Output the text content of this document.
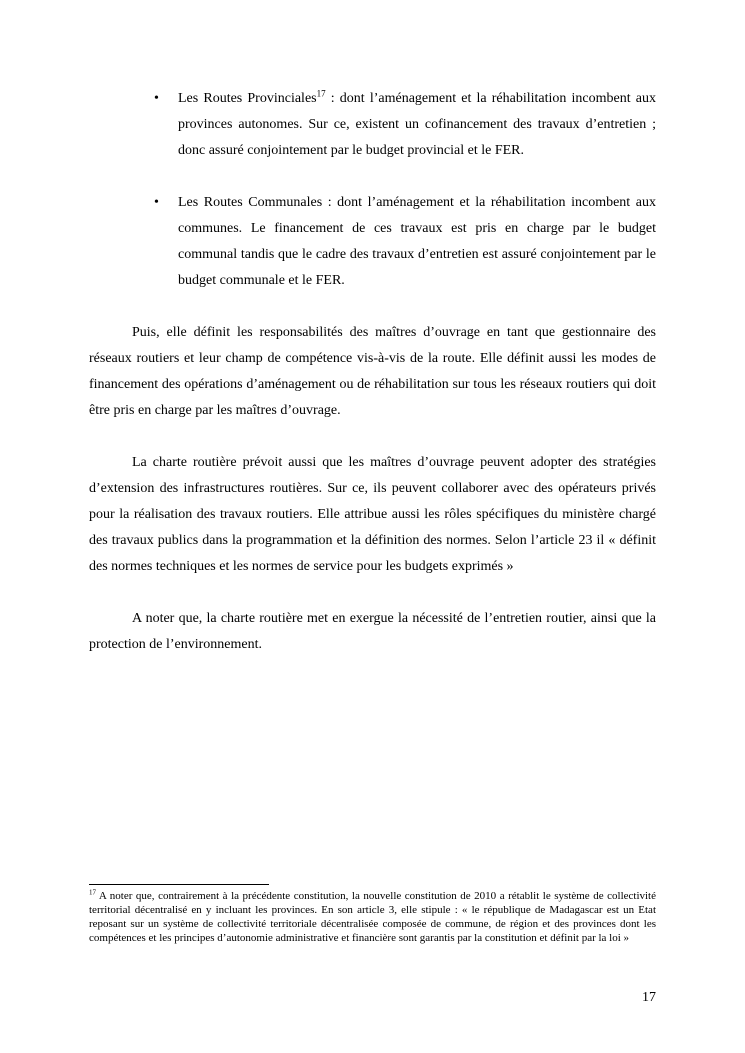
• Les Routes Provinciales$^{17}$ : dont l’aménagement et la réhabilitation incombent aux provinces autonomes. Sur ce, existent un cofinancement des travaux d’entretien ; donc assuré conjointement par le budget provincial et le FER.
• Les Routes Communales : dont l’aménagement et la réhabilitation incombent aux communes. Le financement de ces travaux est pris en charge par le budget communal tandis que le cadre des travaux d’entretien est assuré conjointement par le budget communale et le FER.

Puis, elle définit les responsabilités des maîtres d’ouvrage en tant que gestionnaire des réseaux routiers et leur champ de compétence vis-à-vis de la route. Elle définit aussi les modes de financement des opérations d’aménagement ou de réhabilitation sur tous les réseaux routiers qui doit être pris en charge par les maîtres d’ouvrage.

La charte routière prévoit aussi que les maîtres d’ouvrage peuvent adopter des stratégies d’extension des infrastructures routières. Sur ce, ils peuvent collaborer avec des opérateurs privés pour la réalisation des travaux routiers. Elle attribue aussi les rôles spécifiques du ministère chargé des travaux publics dans la programmation et la définition des normes. Selon l’article 23 il « définit des normes techniques et les normes de service pour les budgets exprimés »

A noter que, la charte routière met en exergue la nécessité de l’entretien routier, ainsi que la protection de l’environnement.

$^{17}$ A noter que, contrairement à la précédente constitution, la nouvelle constitution de 2010 a rétablit le système de collectivité territorial décentralisé en y incluant les provinces. En son article 3, elle stipule : « le république de Madagascar est un Etat reposant sur un système de collectivité territoriale décentralisée composée de commune, de région et des provinces dont les compétences et les principes d’autonomie administrative et financière sont garantis par la constitution et définit par la loi »
17
